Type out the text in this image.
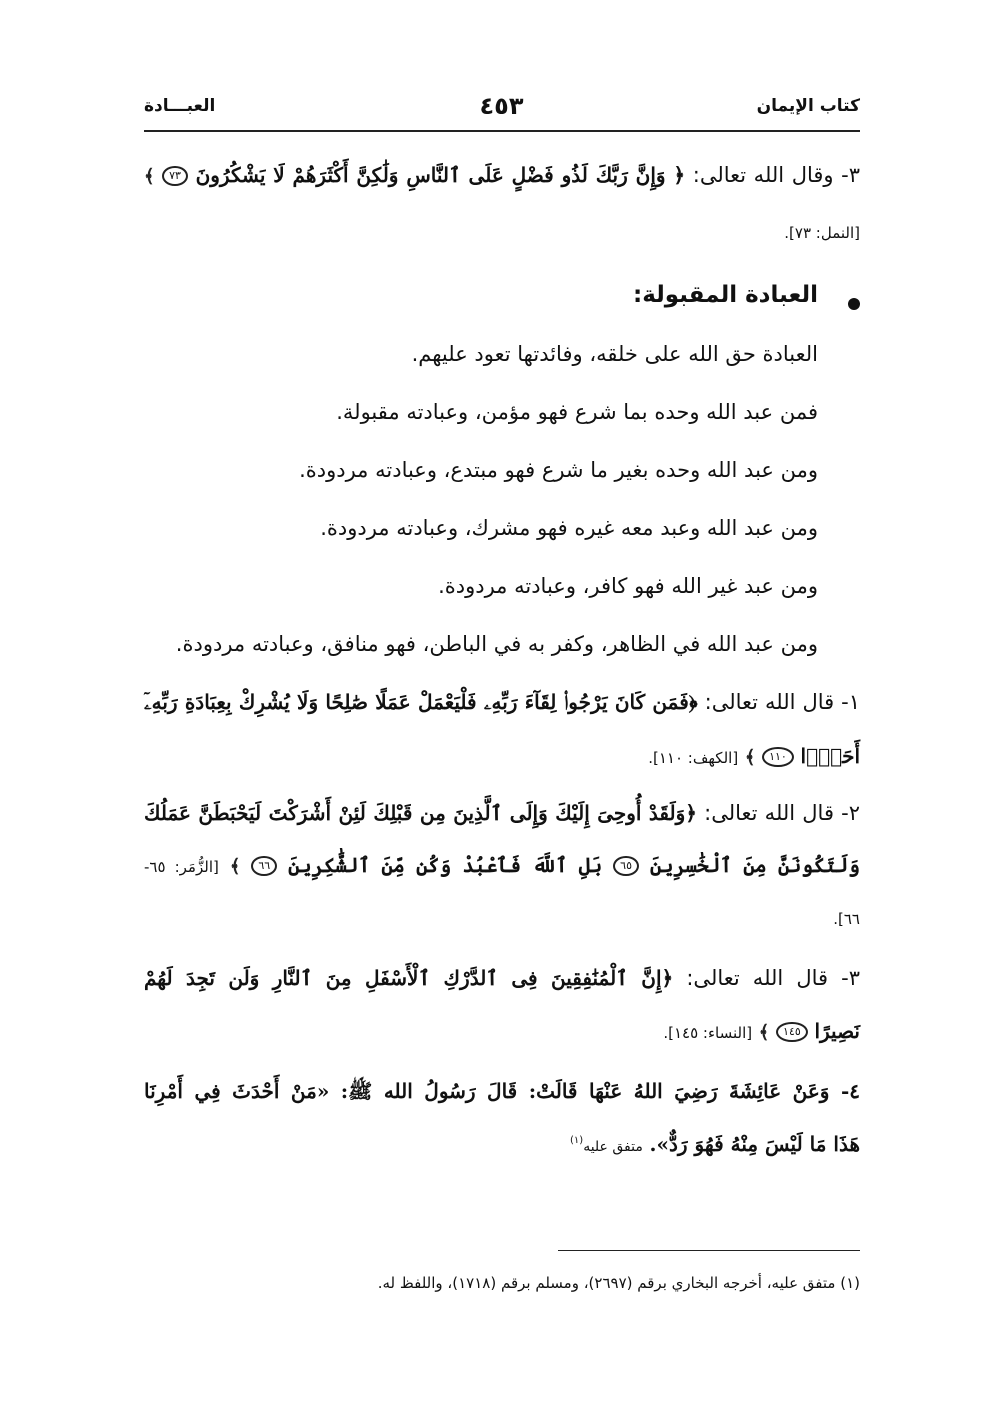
كتاب الإيمان
٤٥٣
العبـــادة
٣- وقال الله تعالى: ﴿ وَإِنَّ رَبَّكَ لَذُو فَضْلٍ عَلَى ٱلنَّاسِ وَلَٰكِنَّ أَكْثَرَهُمْ لَا يَشْكُرُونَ ٧٣ ﴾
[النمل: ٧٣].
العبادة المقبولة:
العبادة حق الله على خلقه، وفائدتها تعود عليهم.
فمن عبد الله وحده بما شرع فهو مؤمن، وعبادته مقبولة.
ومن عبد الله وحده بغير ما شرع فهو مبتدع، وعبادته مردودة.
ومن عبد الله وعبد معه غيره فهو مشرك، وعبادته مردودة.
ومن عبد غير الله فهو كافر، وعبادته مردودة.
ومن عبد الله في الظاهر، وكفر به في الباطن، فهو منافق، وعبادته مردودة.
١- قال الله تعالى: ﴿فَمَن كَانَ يَرْجُوا۟ لِقَآءَ رَبِّهِۦ فَلْيَعْمَلْ عَمَلًا صَٰلِحًا وَلَا يُشْرِكْ بِعِبَادَةِ رَبِّهِۦٓ
أَحَدًۢا ١١٠ ﴾ [الكهف: ١١٠].
٢- قال الله تعالى: ﴿وَلَقَدْ أُوحِىَ إِلَيْكَ وَإِلَى ٱلَّذِينَ مِن قَبْلِكَ لَئِنْ أَشْرَكْتَ لَيَحْبَطَنَّ عَمَلُكَ
وَلَتَكُونَنَّ مِنَ ٱلْخَٰسِرِينَ ٦٥ بَلِ ٱللَّهَ فَٱعْبُدْ وَكُن مِّنَ ٱلشَّٰكِرِينَ ٦٦ ﴾ [الزُّمَر: ٦٥-
٦٦].
٣- قال الله تعالى: ﴿إِنَّ ٱلْمُنَٰفِقِينَ فِى ٱلدَّرْكِ ٱلْأَسْفَلِ مِنَ ٱلنَّارِ وَلَن تَجِدَ لَهُمْ
نَصِيرًا ١٤٥ ﴾ [النساء: ١٤٥].
٤- وَعَنْ عَائِشَةَ رَضِيَ اللهُ عَنْهَا قَالَتْ: قَالَ رَسُولُ الله ﷺ: «مَنْ أَحْدَثَ فِي أَمْرِنَا
هَذَا مَا لَيْسَ مِنْهُ فَهُوَ رَدٌّ». متفق عليه$^{(١)}$
(١) متفق عليه، أخرجه البخاري برقم (٢٦٩٧)، ومسلم برقم (١٧١٨)، واللفظ له.
